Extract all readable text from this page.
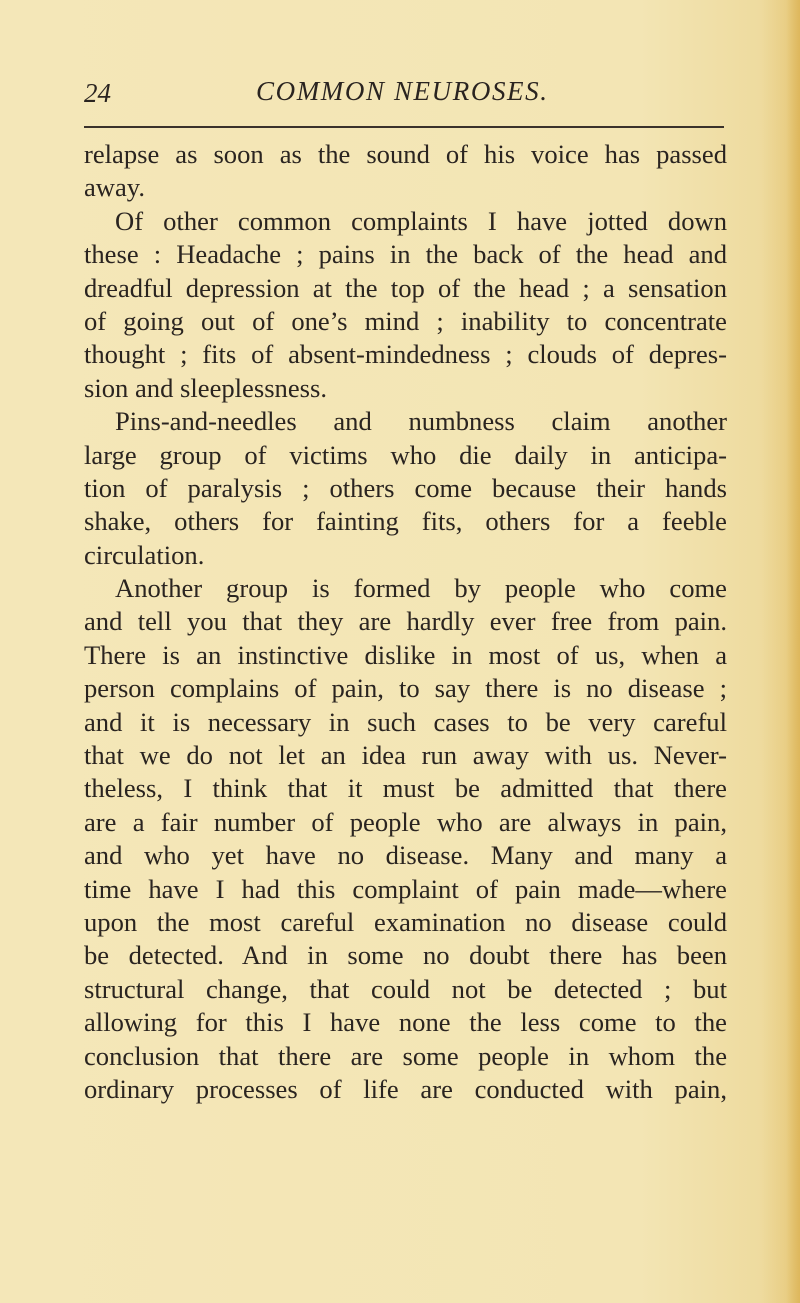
24	COMMON NEUROSES.
relapse as soon as the sound of his voice has passed
away.
Of other common complaints I have jotted down
these : Headache ; pains in the back of the head and
dreadful depression at the top of the head ; a sensation
of going out of one’s mind ; inability to concentrate
thought ; fits of absent-mindedness ; clouds of depres-
sion and sleeplessness.
Pins-and-needles and numbness claim another
large group of victims who die daily in anticipa-
tion of paralysis ; others come because their hands
shake, others for fainting fits, others for a feeble
circulation.
Another group is formed by people who come
and tell you that they are hardly ever free from pain.
There is an instinctive dislike in most of us, when a
person complains of pain, to say there is no disease ;
and it is necessary in such cases to be very careful
that we do not let an idea run away with us. Never-
theless, I think that it must be admitted that there
are a fair number of people who are always in pain,
and who yet have no disease. Many and many a
time have I had this complaint of pain made—where
upon the most careful examination no disease could
be detected. And in some no doubt there has been
structural change, that could not be detected ; but
allowing for this I have none the less come to the
conclusion that there are some people in whom the
ordinary processes of life are conducted with pain,
